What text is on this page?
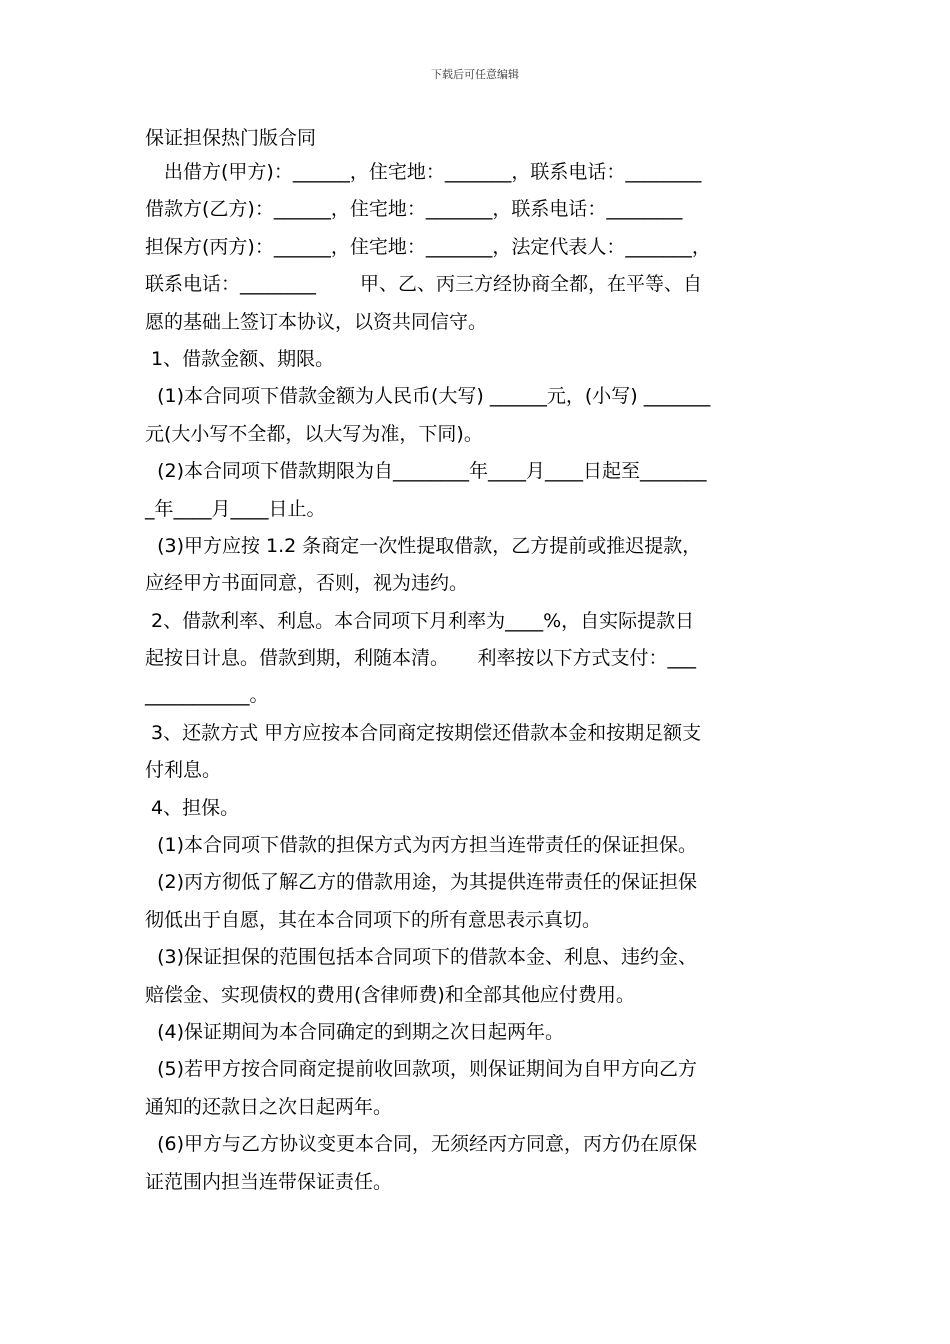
下载后可任意编辑
保证担保热门版合同
　出借方(甲方)：______，住宅地：_______，联系电话：________
借款方(乙方)：______，住宅地：_______，联系电话：________
担保方(丙方)：______，住宅地：_______，法定代表人：_______，
联系电话：________　　 甲、乙、丙三方经协商全都，在平等、自
愿的基础上签订本协议，以资共同信守。
1、借款金额、期限。
(1)本合同项下借款金额为人民币(大写) ______元，(小写) _______
元(大小写不全都，以大写为准，下同)。
(2)本合同项下借款期限为自________年____月____日起至_______
_年____月____日止。
(3)甲方应按 1.2 条商定一次性提取借款，乙方提前或推迟提款，
应经甲方书面同意，否则，视为违约。
2、借款利率、利息。本合同项下月利率为____%，自实际提款日
起按日计息。借款到期，利随本清。　　利率按以下方式支付：___
___________。
3、还款方式 甲方应按本合同商定按期偿还借款本金和按期足额支
付利息。
4、担保。
(1)本合同项下借款的担保方式为丙方担当连带责任的保证担保。
(2)丙方彻低了解乙方的借款用途，为其提供连带责任的保证担保
彻低出于自愿，其在本合同项下的所有意思表示真切。
(3)保证担保的范围包括本合同项下的借款本金、利息、违约金、
赔偿金、实现债权的费用(含律师费)和全部其他应付费用。
(4)保证期间为本合同确定的到期之次日起两年。
(5)若甲方按合同商定提前收回款项，则保证期间为自甲方向乙方
通知的还款日之次日起两年。
(6)甲方与乙方协议变更本合同，无须经丙方同意，丙方仍在原保
证范围内担当连带保证责任。
